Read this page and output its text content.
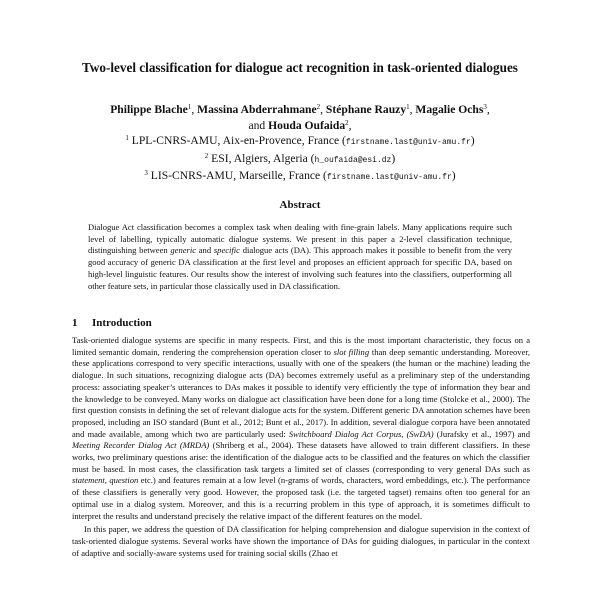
Two-level classification for dialogue act recognition in task-oriented dialogues
Philippe Blache$^1$, Massina Abderrahmane$^2$, Stéphane Rauzy$^1$, Magalie Ochs$^3$,
and Houda Oufaida$^2$,
$^1$ LPL-CNRS-AMU, Aix-en-Provence, France (firstname.last@univ-amu.fr)
$^2$ ESI, Algiers, Algeria (h_oufaida@esi.dz)
$^3$ LIS-CNRS-AMU, Marseille, France (firstname.last@univ-amu.fr)
Abstract

Dialogue Act classification becomes a complex task when dealing with fine-grain labels. Many applications require such level of labelling, typically automatic dialogue systems. We present in this paper a 2-level classification technique, distinguishing between generic and specific dialogue acts (DA). This approach makes it possible to benefit from the very good accuracy of generic DA classification at the first level and proposes an efficient approach for specific DA, based on high-level linguistic features. Our results show the interest of involving such features into the classifiers, outperforming all other feature sets, in particular those classically used in DA classification.

1 Introduction

Task-oriented dialogue systems are specific in many respects. First, and this is the most important characteristic, they focus on a limited semantic domain, rendering the comprehension operation closer to slot filling than deep semantic understanding. Moreover, these applications correspond to very specific interactions, usually with one of the speakers (the human or the machine) leading the dialogue. In such situations, recognizing dialogue acts (DA) becomes extremely useful as a preliminary step of the understanding process: associating speaker’s utterances to DAs makes it possible to identify very efficiently the type of information they bear and the knowledge to be conveyed. Many works on dialogue act classification have been done for a long time (Stolcke et al., 2000). The first question consists in defining the set of relevant dialogue acts for the system. Different generic DA annotation schemes have been proposed, including an ISO standard (Bunt et al., 2012; Bunt et al., 2017). In addition, several dialogue corpora have been annotated and made available, among which two are particularly used: Switchboard Dialog Act Corpus, (SwDA) (Jurafsky et al., 1997) and Meeting Recorder Dialog Act (MRDA) (Shriberg et al., 2004). These datasets have allowed to train different classifiers. In these works, two preliminary questions arise: the identification of the dialogue acts to be classified and the features on which the classifier must be based. In most cases, the classification task targets a limited set of classes (corresponding to very general DAs such as statement, question etc.) and features remain at a low level (n-grams of words, characters, word embeddings, etc.). The performance of these classifiers is generally very good. However, the proposed task (i.e. the targeted tagset) remains often too general for an optimal use in a dialog system. Moreover, and this is a recurring problem in this type of approach, it is sometimes difficult to interpret the results and understand precisely the relative impact of the different features on the model.

In this paper, we address the question of DA classification for helping comprehension and dialogue supervision in the context of task-oriented dialogue systems. Several works have shown the importance of DAs for guiding dialogues, in particular in the context of adaptive and socially-aware systems used for training social skills (Zhao et
